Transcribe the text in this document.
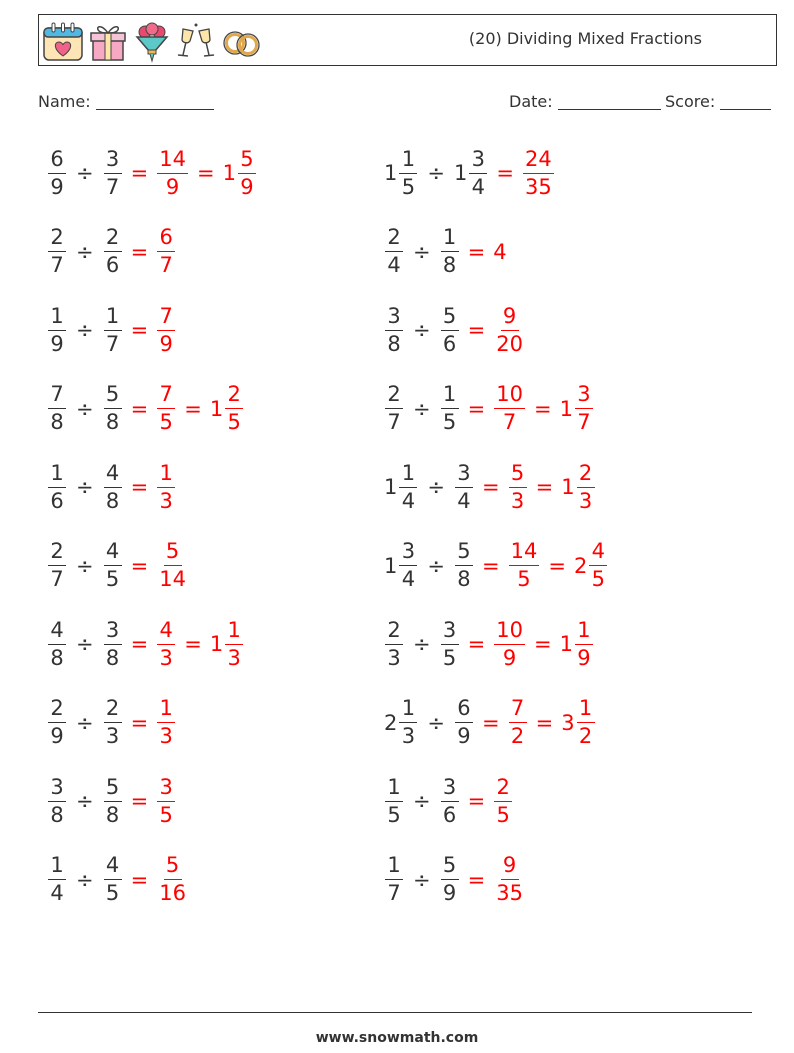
(20) Dividing Mixed Fractions
Name:	Date:	Score:
$\frac{6}{9} \div \frac{3}{7} = \frac{14}{9} = 1 \frac{5}{9}$	$1 \frac{1}{5} \div 1 \frac{3}{4} = \frac{24}{35}$
$\frac{2}{7} \div \frac{2}{6} = \frac{6}{7}$	$\frac{2}{4} \div \frac{1}{8} = 4$
$\frac{1}{9} \div \frac{1}{7} = \frac{7}{9}$	$\frac{3}{8} \div \frac{5}{6} = \frac{9}{20}$
$\frac{7}{8} \div \frac{5}{8} = \frac{7}{5} = 1 \frac{2}{5}$	$\frac{2}{7} \div \frac{1}{5} = \frac{10}{7} = 1 \frac{3}{7}$
$\frac{1}{6} \div \frac{4}{8} = \frac{1}{3}$	$1 \frac{1}{4} \div \frac{3}{4} = \frac{5}{3} = 1 \frac{2}{3}$
$\frac{2}{7} \div \frac{4}{5} = \frac{5}{14}$	$1 \frac{3}{4} \div \frac{5}{8} = \frac{14}{5} = 2 \frac{4}{5}$
$\frac{4}{8} \div \frac{3}{8} = \frac{4}{3} = 1 \frac{1}{3}$	$\frac{2}{3} \div \frac{3}{5} = \frac{10}{9} = 1 \frac{1}{9}$
$\frac{2}{9} \div \frac{2}{3} = \frac{1}{3}$	$2 \frac{1}{3} \div \frac{6}{9} = \frac{7}{2} = 3 \frac{1}{2}$
$\frac{3}{8} \div \frac{5}{8} = \frac{3}{5}$	$\frac{1}{5} \div \frac{3}{6} = \frac{2}{5}$
$\frac{1}{4} \div \frac{4}{5} = \frac{5}{16}$	$\frac{1}{7} \div \frac{5}{9} = \frac{9}{35}$
www.snowmath.com
